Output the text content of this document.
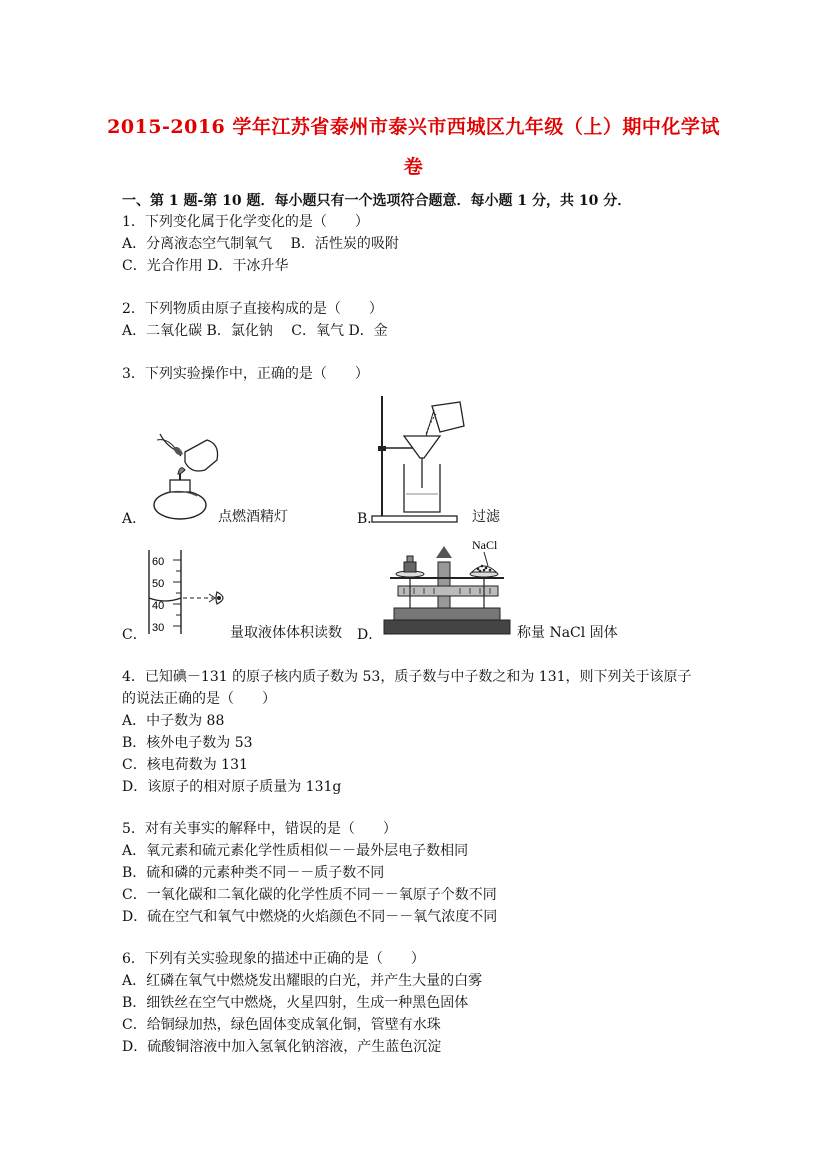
2015-2016 学年江苏省泰州市泰兴市西城区九年级（上）期中化学试
卷
一、第 1 题-第 10 题．每小题只有一个选项符合题意．每小题 1 分，共 10 分．
1．下列变化属于化学变化的是（　　）
A．分离液态空气制氧气　 B．活性炭的吸附
C．光合作用 D．干冰升华
2．下列物质由原子直接构成的是（　　）
A．二氧化碳 B．氯化钠　 C．氧气 D．金
3．下列实验操作中，正确的是（　　）
A．	点燃酒精灯	B．	过滤
60
50
40
30
C．	量取液体体积读数
NaCl
D．	称量 NaCl 固体
4．已知碘－131 的原子核内质子数为 53，质子数与中子数之和为 131，则下列关于该原子
的说法正确的是（　　）
A．中子数为 88
B．核外电子数为 53
C．核电荷数为 131
D．该原子的相对原子质量为 131g
5．对有关事实的解释中，错误的是（　　）
A．氧元素和硫元素化学性质相似－－最外层电子数相同
B．硫和磷的元素种类不同－－质子数不同
C．一氧化碳和二氧化碳的化学性质不同－－氧原子个数不同
D．硫在空气和氧气中燃烧的火焰颜色不同－－氧气浓度不同
6．下列有关实验现象的描述中正确的是（　　）
A．红磷在氧气中燃烧发出耀眼的白光，并产生大量的白雾
B．细铁丝在空气中燃烧，火星四射，生成一种黑色固体
C．给铜绿加热，绿色固体变成氧化铜，管壁有水珠
D．硫酸铜溶液中加入氢氧化钠溶液，产生蓝色沉淀
